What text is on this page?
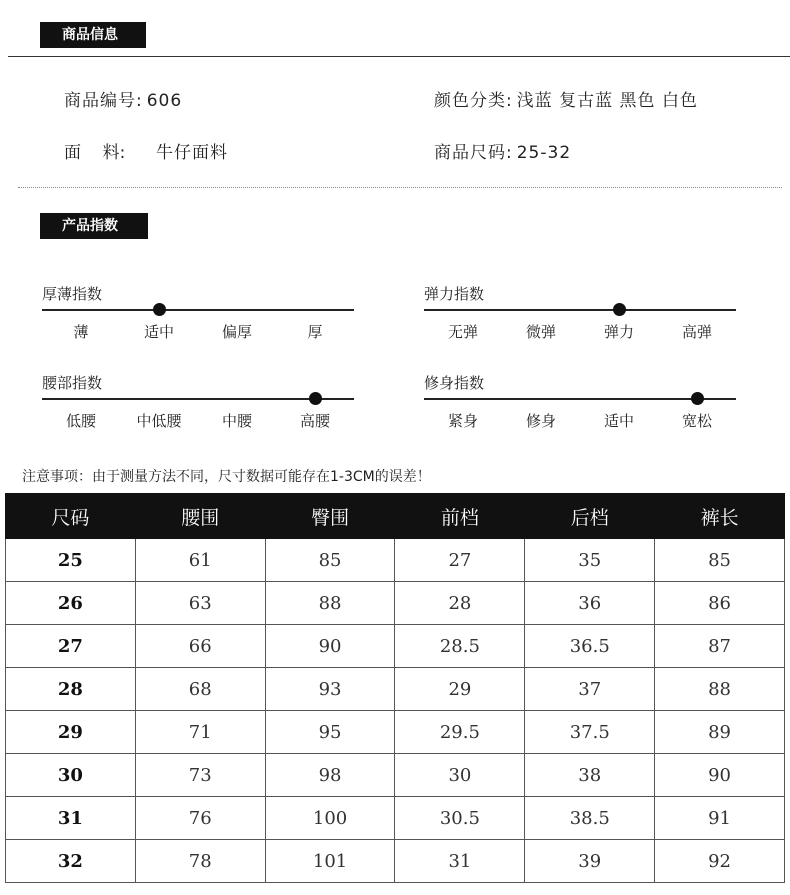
商品信息
商品编号: 606
面    料: 牛仔面料
颜色分类: 浅蓝 复古蓝 黑色 白色
商品尺码: 25-32
产品指数
厚薄指数
薄	适中	偏厚	厚
弹力指数
无弹	微弹	弹力	高弹
腰部指数
低腰	中低腰	中腰	高腰
修身指数
紧身	修身	适中	宽松
注意事项：由于测量方法不同，尺寸数据可能存在1-3CM的误差！
尺码	腰围	臀围	前档	后档	裤长
25	61	85	27	35	85
26	63	88	28	36	86
27	66	90	28.5	36.5	87
28	68	93	29	37	88
29	71	95	29.5	37.5	89
30	73	98	30	38	90
31	76	100	30.5	38.5	91
32	78	101	31	39	92
